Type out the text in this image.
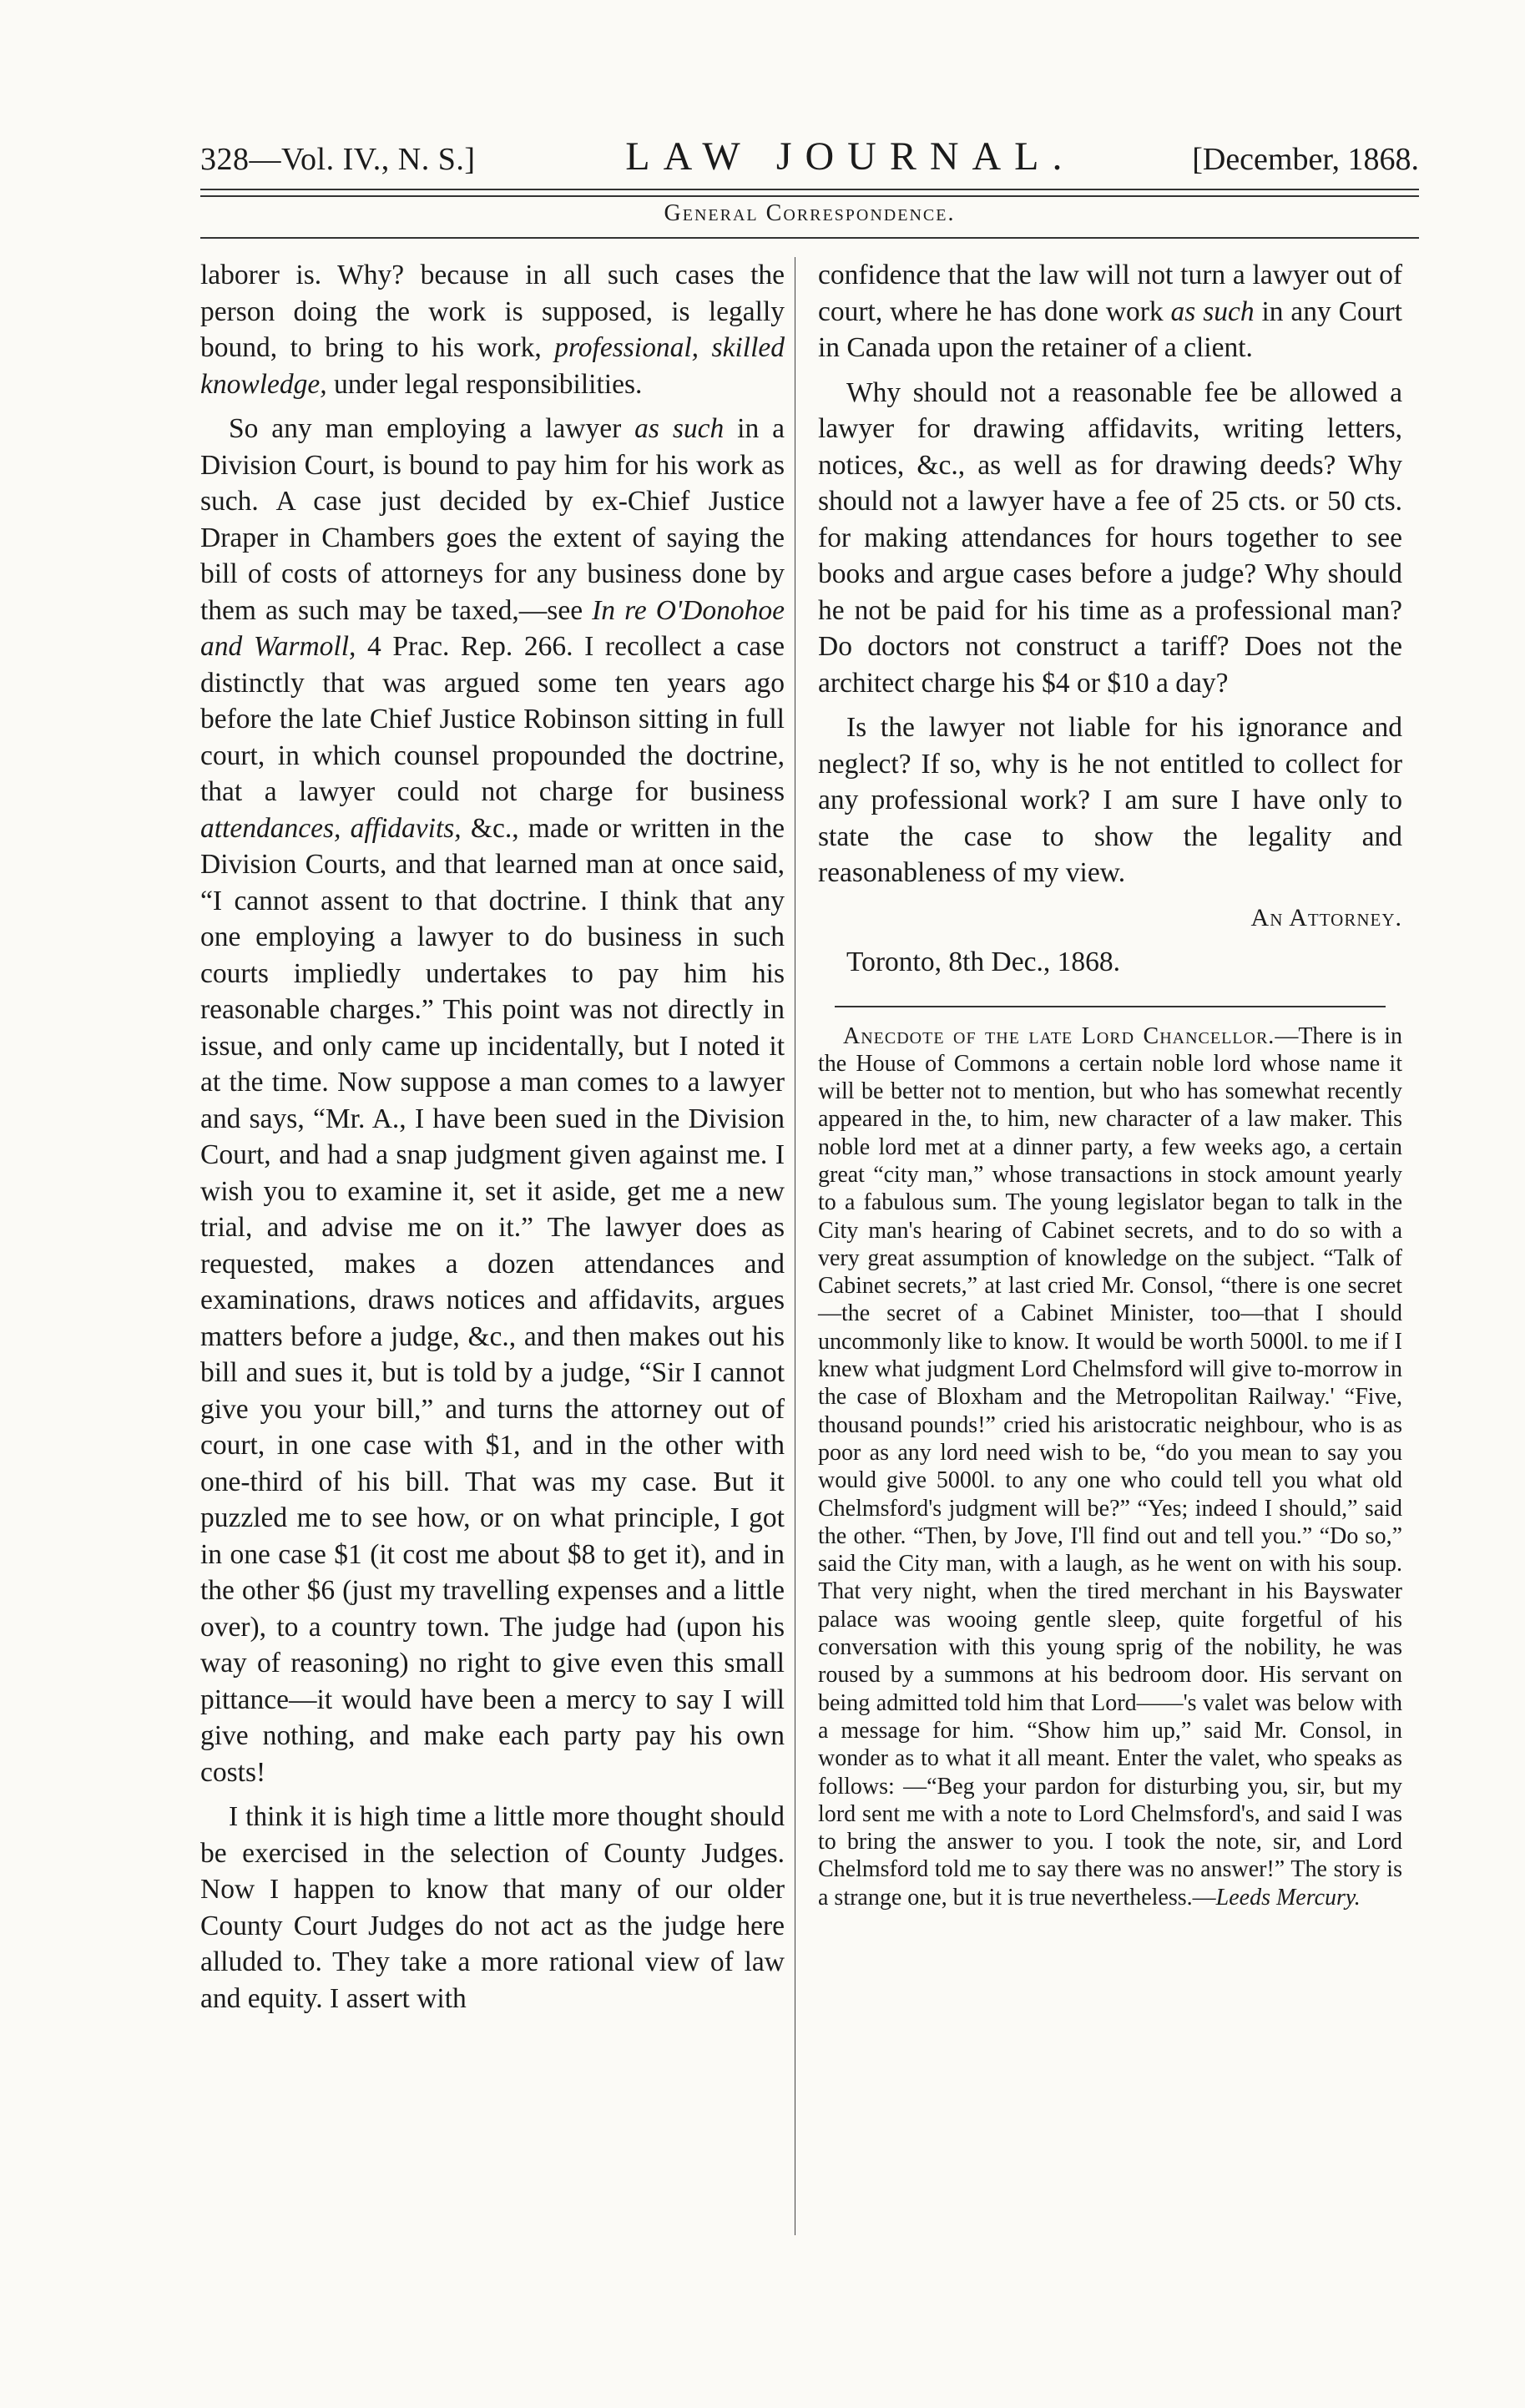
328—Vol. IV., N. S.]	LAW JOURNAL.	[December, 1868.
General Correspondence.

laborer is. Why? because in all such cases the person doing the work is supposed, is legally bound, to bring to his work, professional, skilled knowledge, under legal responsibilities.

So any man employing a lawyer as such in a Division Court, is bound to pay him for his work as such. A case just decided by ex-Chief Justice Draper in Chambers goes the extent of saying the bill of costs of attorneys for any business done by them as such may be taxed,—see In re O'Donohoe and Warmoll, 4 Prac. Rep. 266. I recollect a case distinctly that was argued some ten years ago before the late Chief Justice Robinson sitting in full court, in which counsel propounded the doctrine, that a lawyer could not charge for business attendances, affidavits, &c., made or written in the Division Courts, and that learned man at once said, “I cannot assent to that doctrine. I think that any one employing a lawyer to do business in such courts impliedly undertakes to pay him his reasonable charges.” This point was not directly in issue, and only came up incidentally, but I noted it at the time. Now suppose a man comes to a lawyer and says, “Mr. A., I have been sued in the Division Court, and had a snap judgment given against me. I wish you to examine it, set it aside, get me a new trial, and advise me on it.” The lawyer does as requested, makes a dozen attendances and examinations, draws notices and affidavits, argues matters before a judge, &c., and then makes out his bill and sues it, but is told by a judge, “Sir I cannot give you your bill,” and turns the attorney out of court, in one case with $1, and in the other with one-third of his bill. That was my case. But it puzzled me to see how, or on what principle, I got in one case $1 (it cost me about $8 to get it), and in the other $6 (just my travelling expenses and a little over), to a country town. The judge had (upon his way of reasoning) no right to give even this small pittance—it would have been a mercy to say I will give nothing, and make each party pay his own costs!

I think it is high time a little more thought should be exercised in the selection of County Judges. Now I happen to know that many of our older County Court Judges do not act as the judge here alluded to. They take a more rational view of law and equity. I assert with

confidence that the law will not turn a lawyer out of court, where he has done work as such in any Court in Canada upon the retainer of a client.

Why should not a reasonable fee be allowed a lawyer for drawing affidavits, writing letters, notices, &c., as well as for drawing deeds? Why should not a lawyer have a fee of 25 cts. or 50 cts. for making attendances for hours together to see books and argue cases before a judge? Why should he not be paid for his time as a professional man? Do doctors not construct a tariff? Does not the architect charge his $4 or $10 a day?

Is the lawyer not liable for his ignorance and neglect? If so, why is he not entitled to collect for any professional work? I am sure I have only to state the case to show the legality and reasonableness of my view.

An Attorney.

Toronto, 8th Dec., 1868.

Anecdote of the late Lord Chancellor.—There is in the House of Commons a certain noble lord whose name it will be better not to mention, but who has somewhat recently appeared in the, to him, new character of a law maker. This noble lord met at a dinner party, a few weeks ago, a certain great “city man,” whose transactions in stock amount yearly to a fabulous sum. The young legislator began to talk in the City man's hearing of Cabinet secrets, and to do so with a very great assumption of knowledge on the subject. “Talk of Cabinet secrets,” at last cried Mr. Consol, “there is one secret—the secret of a Cabinet Minister, too—that I should uncommonly like to know. It would be worth 5000l. to me if I knew what judgment Lord Chelmsford will give to-morrow in the case of Bloxham and the Metropolitan Railway.' “Five, thousand pounds!” cried his aristocratic neighbour, who is as poor as any lord need wish to be, “do you mean to say you would give 5000l. to any one who could tell you what old Chelmsford's judgment will be?” “Yes; indeed I should,” said the other. “Then, by Jove, I'll find out and tell you.” “Do so,” said the City man, with a laugh, as he went on with his soup. That very night, when the tired merchant in his Bayswater palace was wooing gentle sleep, quite forgetful of his conversation with this young sprig of the nobility, he was roused by a summons at his bedroom door. His servant on being admitted told him that Lord——'s valet was below with a message for him. “Show him up,” said Mr. Consol, in wonder as to what it all meant. Enter the valet, who speaks as follows: —“Beg your pardon for disturbing you, sir, but my lord sent me with a note to Lord Chelmsford's, and said I was to bring the answer to you. I took the note, sir, and Lord Chelmsford told me to say there was no answer!” The story is a strange one, but it is true nevertheless.—Leeds Mercury.
